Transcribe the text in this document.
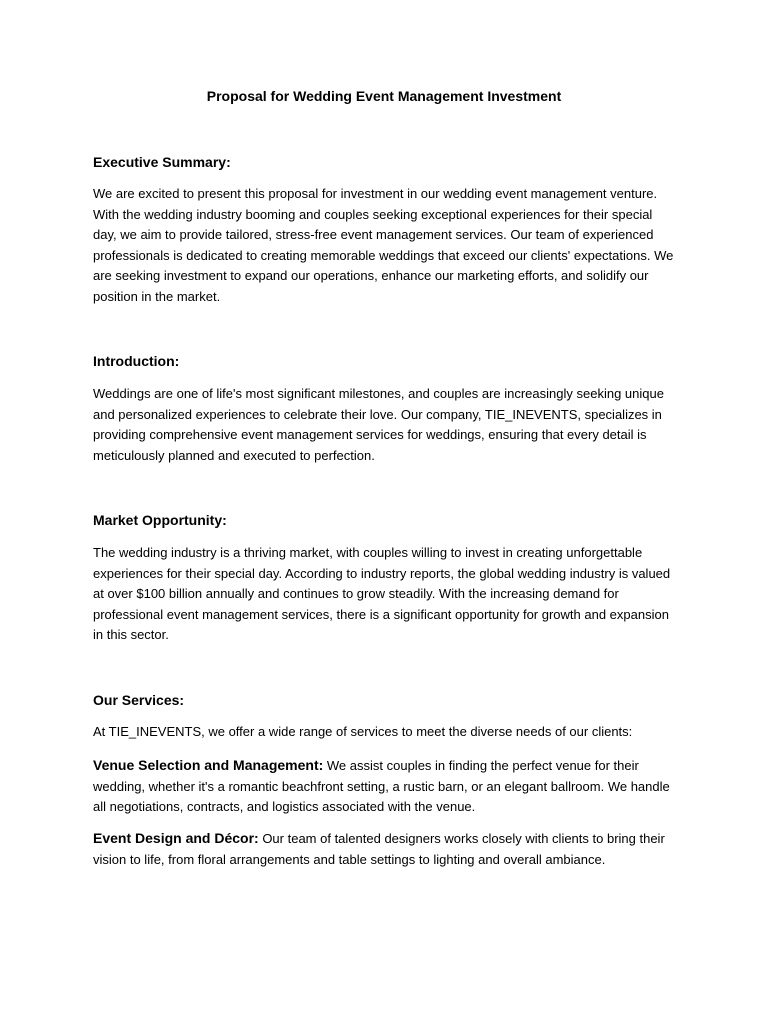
Proposal for Wedding Event Management Investment
Executive Summary:

We are excited to present this proposal for investment in our wedding event management venture. With the wedding industry booming and couples seeking exceptional experiences for their special day, we aim to provide tailored, stress-free event management services. Our team of experienced professionals is dedicated to creating memorable weddings that exceed our clients' expectations. We are seeking investment to expand our operations, enhance our marketing efforts, and solidify our position in the market.

Introduction:

Weddings are one of life's most significant milestones, and couples are increasingly seeking unique and personalized experiences to celebrate their love. Our company, TIE_INEVENTS, specializes in providing comprehensive event management services for weddings, ensuring that every detail is meticulously planned and executed to perfection.

Market Opportunity:

The wedding industry is a thriving market, with couples willing to invest in creating unforgettable experiences for their special day. According to industry reports, the global wedding industry is valued at over $100 billion annually and continues to grow steadily. With the increasing demand for professional event management services, there is a significant opportunity for growth and expansion in this sector.

Our Services:

At TIE_INEVENTS, we offer a wide range of services to meet the diverse needs of our clients:

Venue Selection and Management: We assist couples in finding the perfect venue for their wedding, whether it's a romantic beachfront setting, a rustic barn, or an elegant ballroom. We handle all negotiations, contracts, and logistics associated with the venue.

Event Design and Décor: Our team of talented designers works closely with clients to bring their vision to life, from floral arrangements and table settings to lighting and overall ambiance.
